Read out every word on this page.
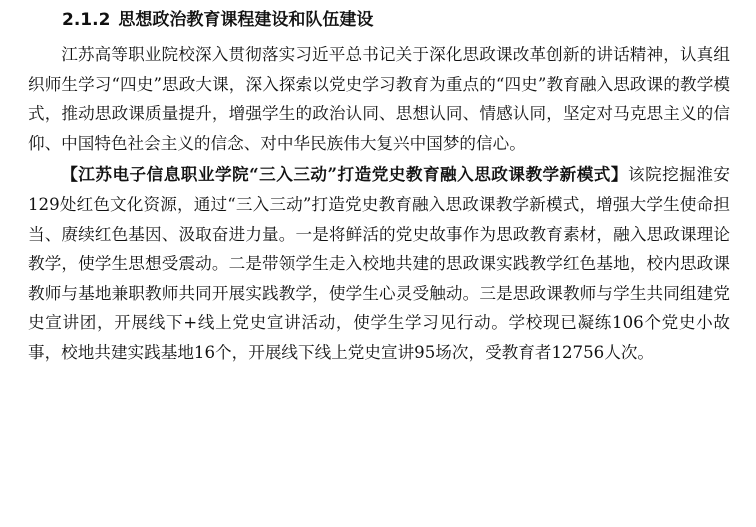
2.1.2 思想政治教育课程建设和队伍建设

江苏高等职业院校深入贯彻落实习近平总书记关于深化思政课改革创新的讲话精神，认真组织师生学习“四史”思政大课，深入探索以党史学习教育为重点的“四史”教育融入思政课的教学模式，推动思政课质量提升，增强学生的政治认同、思想认同、情感认同，坚定对马克思主义的信仰、中国特色社会主义的信念、对中华民族伟大复兴中国梦的信心。

【江苏电子信息职业学院“三入三动”打造党史教育融入思政课教学新模式】该院挖掘淮安129处红色文化资源，通过“三入三动”打造党史教育融入思政课教学新模式，增强大学生使命担当、赓续红色基因、汲取奋进力量。一是将鲜活的党史故事作为思政教育素材，融入思政课理论教学，使学生思想受震动。二是带领学生走入校地共建的思政课实践教学红色基地，校内思政课教师与基地兼职教师共同开展实践教学，使学生心灵受触动。三是思政课教师与学生共同组建党史宣讲团，开展线下+线上党史宣讲活动，使学生学习见行动。学校现已凝练106个党史小故事，校地共建实践基地16个，开展线下线上党史宣讲95场次，受教育者12756人次。
